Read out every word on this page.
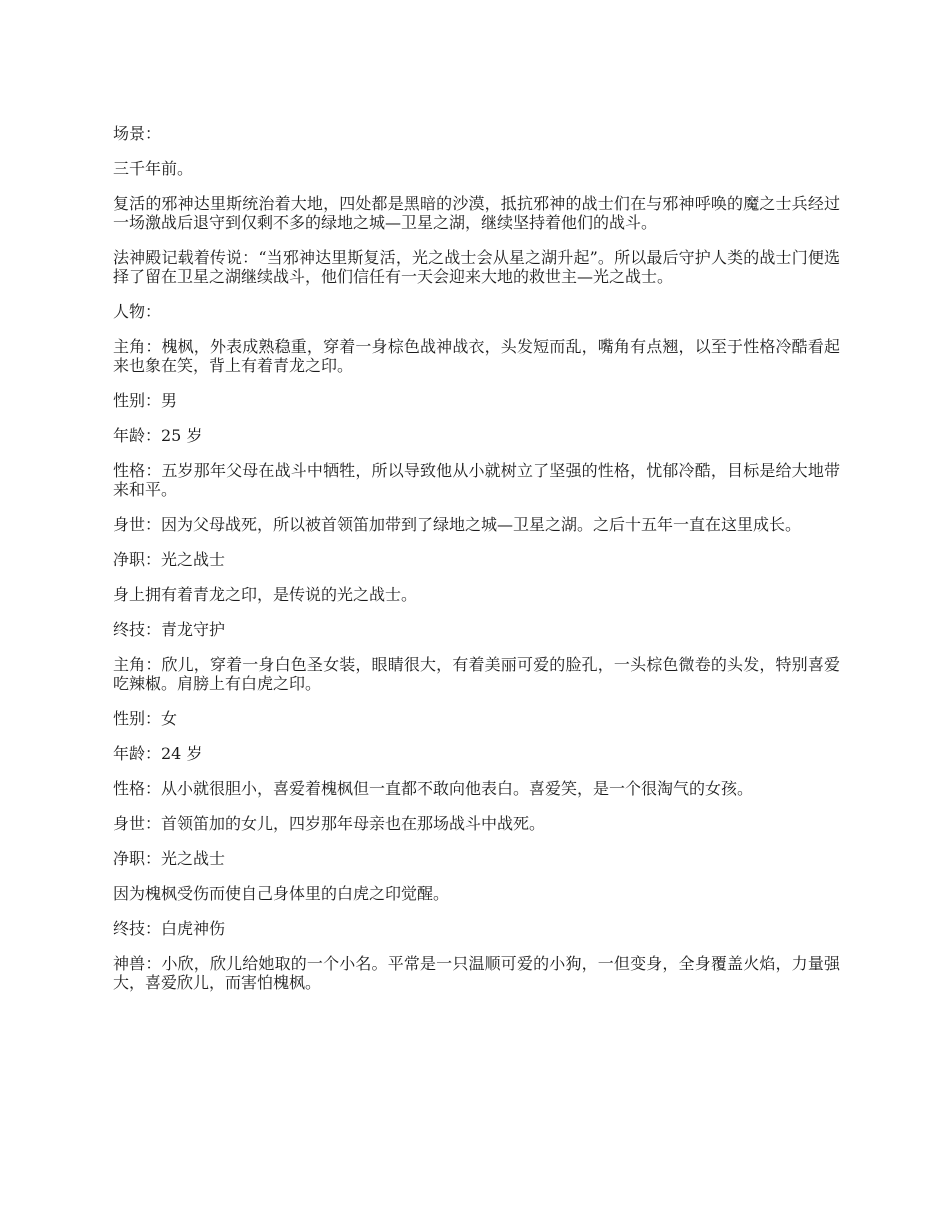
场景：

三千年前。

复活的邪神达里斯统治着大地，四处都是黑暗的沙漠，抵抗邪神的战士们在与邪神呼唤的魔之士兵经过一场激战后退守到仅剩不多的绿地之城—卫星之湖，继续坚持着他们的战斗。

法神殿记载着传说：“当邪神达里斯复活，光之战士会从星之湖升起”。所以最后守护人类的战士门便选择了留在卫星之湖继续战斗，他们信任有一天会迎来大地的救世主—光之战士。

人物：

主角：槐枫，外表成熟稳重，穿着一身棕色战神战衣，头发短而乱，嘴角有点翘，以至于性格冷酷看起来也象在笑，背上有着青龙之印。

性别：男

年龄：25 岁

性格：五岁那年父母在战斗中牺牲，所以导致他从小就树立了坚强的性格，忧郁冷酷，目标是给大地带来和平。

身世：因为父母战死，所以被首领笛加带到了绿地之城—卫星之湖。之后十五年一直在这里成长。

净职：光之战士

身上拥有着青龙之印，是传说的光之战士。

终技：青龙守护

主角：欣儿，穿着一身白色圣女装，眼睛很大，有着美丽可爱的脸孔，一头棕色微卷的头发，特别喜爱吃辣椒。肩膀上有白虎之印。

性别：女

年龄：24 岁

性格：从小就很胆小，喜爱着槐枫但一直都不敢向他表白。喜爱笑，是一个很淘气的女孩。

身世：首领笛加的女儿，四岁那年母亲也在那场战斗中战死。

净职：光之战士

因为槐枫受伤而使自己身体里的白虎之印觉醒。

终技：白虎神伤

神兽：小欣，欣儿给她取的一个小名。平常是一只温顺可爱的小狗，一但变身，全身覆盖火焰，力量强大，喜爱欣儿，而害怕槐枫。
